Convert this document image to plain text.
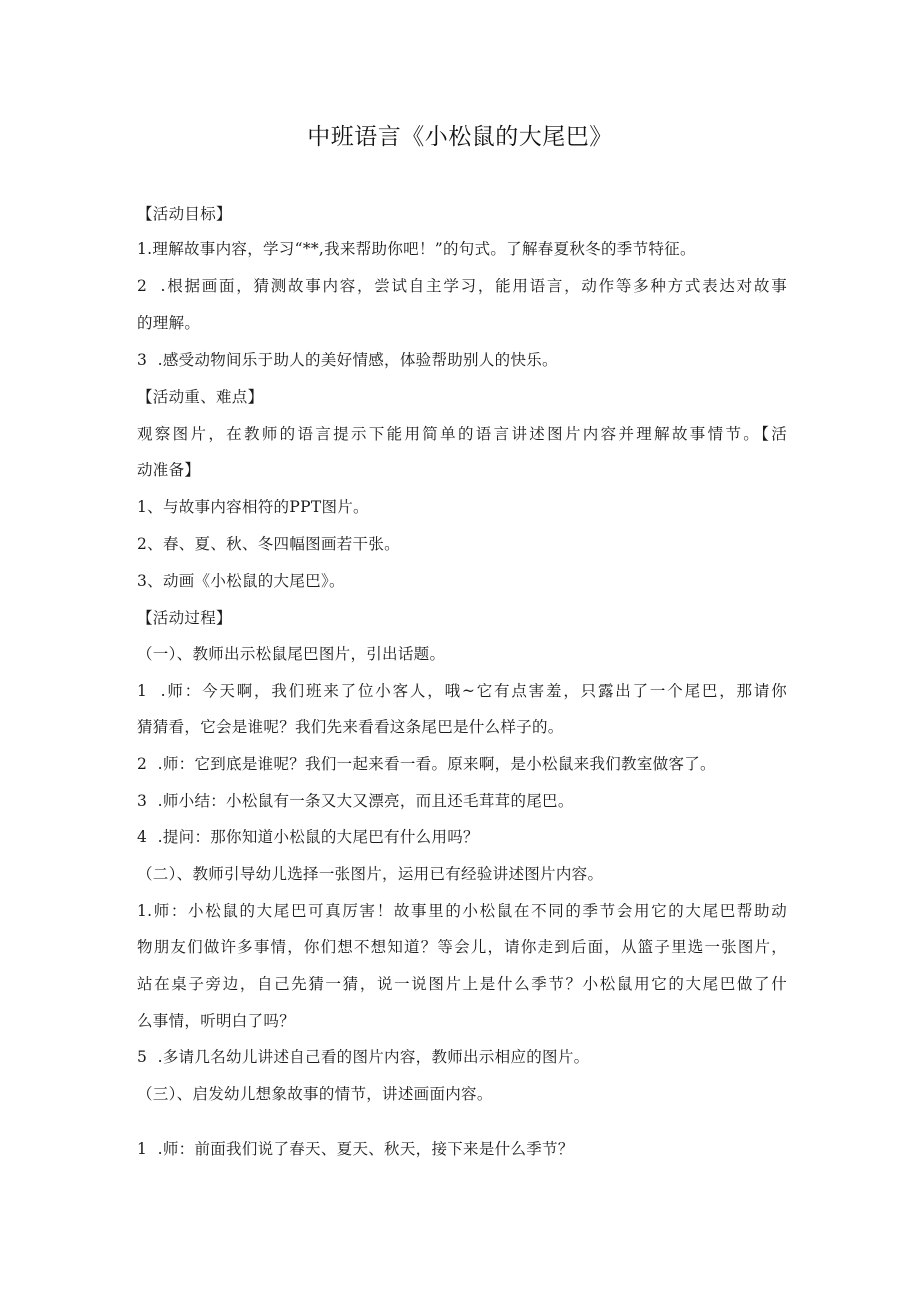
中班语言《小松鼠的大尾巴》
【活动目标】
1.理解故事内容，学习“**,我来帮助你吧！”的句式。了解春夏秋冬的季节特征。
2  .根据画面，猜测故事内容，尝试自主学习，能用语言，动作等多种方式表达对故事
的理解。
3  .感受动物间乐于助人的美好情感，体验帮助别人的快乐。
【活动重、难点】
观察图片，在教师的语言提示下能用简单的语言讲述图片内容并理解故事情节。【活
动准备】
1、与故事内容相符的PPT图片。
2、春、夏、秋、冬四幅图画若干张。
3、动画《小松鼠的大尾巴》。
【活动过程】
（一）、教师出示松鼠尾巴图片，引出话题。
1  .师：今天啊，我们班来了位小客人，哦~它有点害羞，只露出了一个尾巴，那请你
猜猜看，它会是谁呢？我们先来看看这条尾巴是什么样子的。
2  .师：它到底是谁呢？我们一起来看一看。原来啊，是小松鼠来我们教室做客了。
3  .师小结：小松鼠有一条又大又漂亮，而且还毛茸茸的尾巴。
4  .提问：那你知道小松鼠的大尾巴有什么用吗？
（二）、教师引导幼儿选择一张图片，运用已有经验讲述图片内容。
1.师：小松鼠的大尾巴可真厉害！故事里的小松鼠在不同的季节会用它的大尾巴帮助动
物朋友们做许多事情，你们想不想知道？等会儿，请你走到后面，从篮子里选一张图片，
站在桌子旁边，自己先猜一猜，说一说图片上是什么季节？小松鼠用它的大尾巴做了什
么事情，听明白了吗？
5  .多请几名幼儿讲述自己看的图片内容，教师出示相应的图片。
（三）、启发幼儿想象故事的情节，讲述画面内容。
1  .师：前面我们说了春天、夏天、秋天，接下来是什么季节？
